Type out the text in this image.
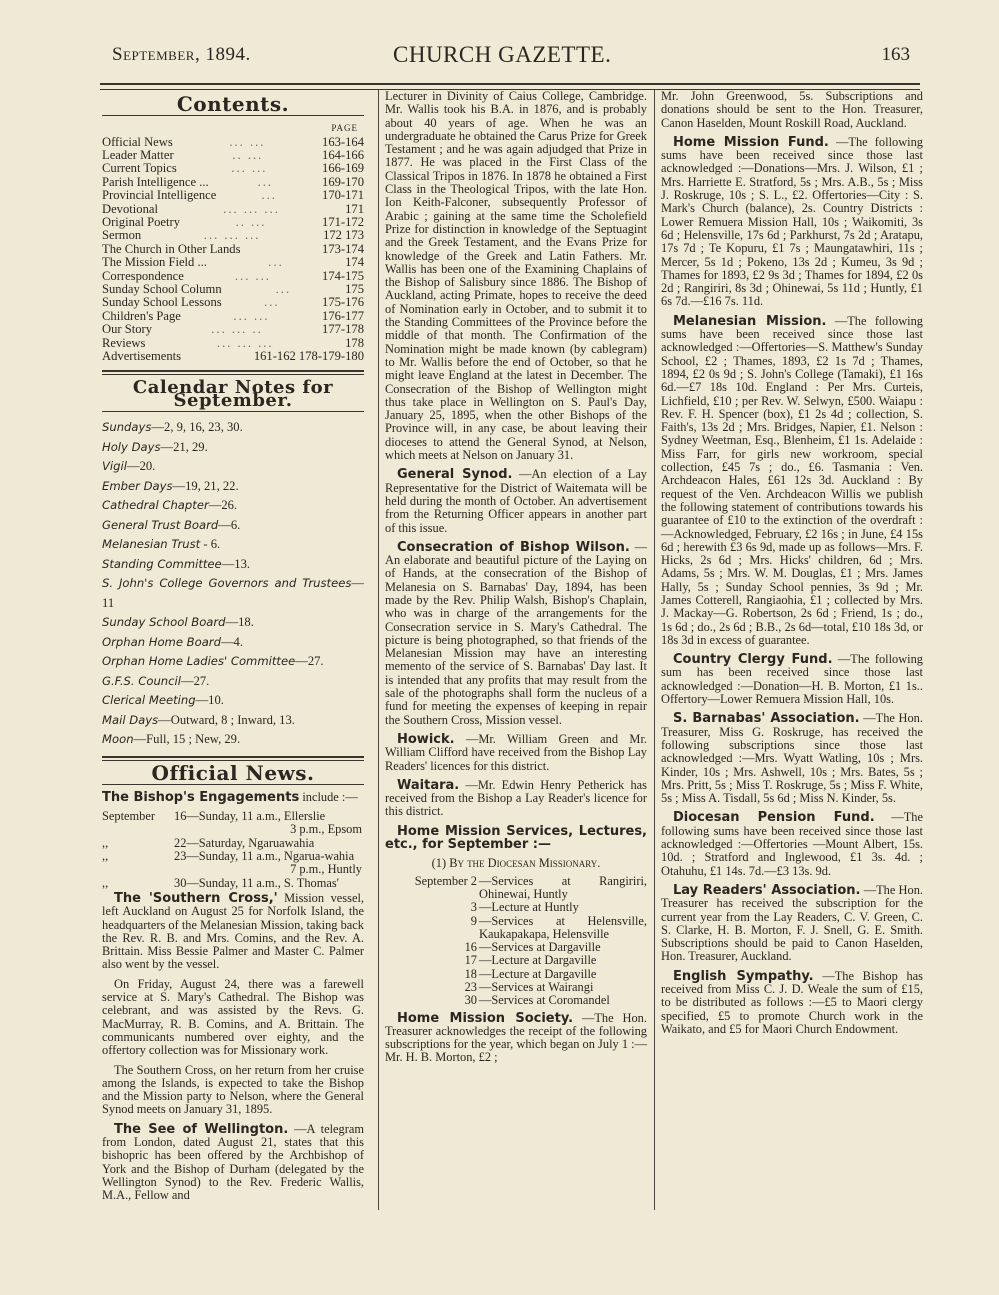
September, 1894.	CHURCH GAZETTE.	163
Contents.
PAGE
Official News	... ...	163-164
Leader Matter	.. ...	164-166
Current Topics	... ...	166-169
Parish Intelligence ...	...	169-170
Provincial Intelligence	...	170-171
Devotional	... ... ...	171
Original Poetry	.. ...	171-172
Sermon	... ... ...	172 173
The Church in Other Lands	173-174
The Mission Field ...	...	174
Correspondence	... ...	174-175
Sunday School Column	...	175
Sunday School Lessons	...	175-176
Children's Page	... ...	176-177
Our Story	... ... ..	177-178
Reviews	... ... ...	178
Advertisements	161-162 178-179-180
Calendar Notes for September.
Sundays—2, 9, 16, 23, 30.
Holy Days—21, 29.
Vigil—20.
Ember Days—19, 21, 22.
Cathedral Chapter—26.
General Trust Board—6.
Melanesian Trust - 6.
Standing Committee—13.
S. John's College Governors and Trustees—11
Sunday School Board—18.
Orphan Home Board—4.
Orphan Home Ladies' Committee—27.
G.F.S. Council—27.
Clerical Meeting—10.
Mail Days—Outward, 8 ; Inward, 13.
Moon—Full, 15 ; New, 29.
Official News.

The Bishop's Engagements include :—

September	16—Sunday, 11 a.m., Ellerslie
3 p.m., Epsom
,,	22—Saturday, Ngaruawahia
,,	23—Sunday, 11 a.m., Ngarua-wahia
7 p.m., Huntly
,,	30—Sunday, 11 a.m., S. Thomas'

The 'Southern Cross,' Mission vessel, left Auckland on August 25 for Norfolk Island, the headquarters of the Melanesian Mission, taking back the Rev. R. B. and Mrs. Comins, and the Rev. A. Brittain. Miss Bessie Palmer and Master C. Palmer also went by the vessel.

On Friday, August 24, there was a farewell service at S. Mary's Cathedral. The Bishop was celebrant, and was assisted by the Revs. G. MacMurray, R. B. Comins, and A. Brittain. The communicants numbered over eighty, and the offertory collection was for Missionary work.

The Southern Cross, on her return from her cruise among the Islands, is expected to take the Bishop and the Mission party to Nelson, where the General Synod meets on January 31, 1895.

The See of Wellington. —A telegram from London, dated August 21, states that this bishopric has been offered by the Archbishop of York and the Bishop of Durham (delegated by the Wellington Synod) to the Rev. Frederic Wallis, M.A., Fellow and

Lecturer in Divinity of Caius College, Cambridge. Mr. Wallis took his B.A. in 1876, and is probably about 40 years of age. When he was an undergraduate he obtained the Carus Prize for Greek Testament ; and he was again adjudged that Prize in 1877. He was placed in the First Class of the Classical Tripos in 1876. In 1878 he obtained a First Class in the Theological Tripos, with the late Hon. Ion Keith-Falconer, subsequently Professor of Arabic ; gaining at the same time the Scholefield Prize for distinction in knowledge of the Septuagint and the Greek Testament, and the Evans Prize for knowledge of the Greek and Latin Fathers. Mr. Wallis has been one of the Examining Chaplains of the Bishop of Salisbury since 1886. The Bishop of Auckland, acting Primate, hopes to receive the deed of Nomination early in October, and to submit it to the Standing Committees of the Province before the middle of that month. The Confirmation of the Nomination might be made known (by cablegram) to Mr. Wallis before the end of October, so that he might leave England at the latest in December. The Consecration of the Bishop of Wellington might thus take place in Wellington on S. Paul's Day, January 25, 1895, when the other Bishops of the Province will, in any case, be about leaving their dioceses to attend the General Synod, at Nelson, which meets at Nelson on January 31.

General Synod. —An election of a Lay Representative for the District of Waitemata will be held during the month of October. An advertisement from the Returning Officer appears in another part of this issue.

Consecration of Bishop Wilson. —An elaborate and beautiful picture of the Laying on of Hands, at the consecration of the Bishop of Melanesia on S. Barnabas' Day, 1894, has been made by the Rev. Philip Walsh, Bishop's Chaplain, who was in charge of the arrangements for the Consecration service in S. Mary's Cathedral. The picture is being photographed, so that friends of the Melanesian Mission may have an interesting memento of the service of S. Barnabas' Day last. It is intended that any profits that may result from the sale of the photographs shall form the nucleus of a fund for meeting the expenses of keeping in repair the Southern Cross, Mission vessel.

Howick. —Mr. William Green and Mr. William Clifford have received from the Bishop Lay Readers' licences for this district.

Waitara. —Mr. Edwin Henry Petherick has received from the Bishop a Lay Reader's licence for this district.

Home Mission Services, Lectures, etc., for September :—

(1) By the Diocesan Missionary.
September 2 —Services at Rangiriri, Ohinewai, Huntly
3 —Lecture at Huntly
9 —Services at Helensville, Kaukapakapa, Helensville
16 —Services at Dargaville
17 —Lecture at Dargaville
18 —Lecture at Dargaville
23 —Services at Wairangi
30 —Services at Coromandel

Home Mission Society. —The Hon. Treasurer acknowledges the receipt of the following subscriptions for the year, which began on July 1 :—Mr. H. B. Morton, £2 ;

Mr. John Greenwood, 5s. Subscriptions and donations should be sent to the Hon. Treasurer, Canon Haselden, Mount Roskill Road, Auckland.

Home Mission Fund. —The following sums have been received since those last acknowledged :—Donations—Mrs. J. Wilson, £1 ; Mrs. Harriette E. Stratford, 5s ; Mrs. A.B., 5s ; Miss J. Roskruge, 10s ; S. L., £2. Offertories—City : S. Mark's Church (balance), 2s. Country Districts : Lower Remuera Mission Hall, 10s ; Waikomiti, 3s 6d ; Helensville, 17s 6d ; Parkhurst, 7s 2d ; Aratapu, 17s 7d ; Te Kopuru, £1 7s ; Maungatawhiri, 11s ; Mercer, 5s 1d ; Pokeno, 13s 2d ; Kumeu, 3s 9d ; Thames for 1893, £2 9s 3d ; Thames for 1894, £2 0s 2d ; Rangiriri, 8s 3d ; Ohinewai, 5s 11d ; Huntly, £1 6s 7d.—£16 7s. 11d.

Melanesian Mission. —The following sums have been received since those last acknowledged :—Offertories—S. Matthew's Sunday School, £2 ; Thames, 1893, £2 1s 7d ; Thames, 1894, £2 0s 9d ; S. John's College (Tamaki), £1 16s 6d.—£7 18s 10d. England : Per Mrs. Curteis, Lichfield, £10 ; per Rev. W. Selwyn, £500. Waiapu : Rev. F. H. Spencer (box), £1 2s 4d ; collection, S. Faith's, 13s 2d ; Mrs. Bridges, Napier, £1. Nelson : Sydney Weetman, Esq., Blenheim, £1 1s. Adelaide : Miss Farr, for girls new workroom, special collection, £45 7s ; do., £6. Tasmania : Ven. Archdeacon Hales, £61 12s 3d. Auckland : By request of the Ven. Archdeacon Willis we publish the following statement of contributions towards his guarantee of £10 to the extinction of the overdraft :—Acknowledged, February, £2 16s ; in June, £4 15s 6d ; herewith £3 6s 9d, made up as follows—Mrs. F. Hicks, 2s 6d ; Mrs. Hicks' children, 6d ; Mrs. Adams, 5s ; Mrs. W. M. Douglas, £1 ; Mrs. James Hally, 5s ; Sunday School pennies, 3s 9d ; Mr. James Cotterell, Rangiaohia, £1 ; collected by Mrs. J. Mackay—G. Robertson, 2s 6d ; Friend, 1s ; do., 1s 6d ; do., 2s 6d ; B.B., 2s 6d—total, £10 18s 3d, or 18s 3d in excess of guarantee.

Country Clergy Fund. —The following sum has been received since those last acknowledged :—Donation—H. B. Morton, £1 1s.. Offertory—Lower Remuera Mission Hall, 10s.

S. Barnabas' Association. —The Hon. Treasurer, Miss G. Roskruge, has received the following subscriptions since those last acknowledged :—Mrs. Wyatt Watling, 10s ; Mrs. Kinder, 10s ; Mrs. Ashwell, 10s ; Mrs. Bates, 5s ; Mrs. Pritt, 5s ; Miss T. Roskruge, 5s ; Miss F. White, 5s ; Miss A. Tisdall, 5s 6d ; Miss N. Kinder, 5s.

Diocesan Pension Fund. —The following sums have been received since those last acknowledged :—Offertories —Mount Albert, 15s. 10d. ; Stratford and Inglewood, £1 3s. 4d. ; Otahuhu, £1 14s. 7d.—£3 13s. 9d.

Lay Readers' Association. —The Hon. Treasurer has received the subscription for the current year from the Lay Readers, C. V. Green, C. S. Clarke, H. B. Morton, F. J. Snell, G. E. Smith. Subscriptions should be paid to Canon Haselden, Hon. Treasurer, Auckland.

English Sympathy. —The Bishop has received from Miss C. J. D. Weale the sum of £15, to be distributed as follows :—£5 to Maori clergy specified, £5 to promote Church work in the Waikato, and £5 for Maori Church Endowment.
